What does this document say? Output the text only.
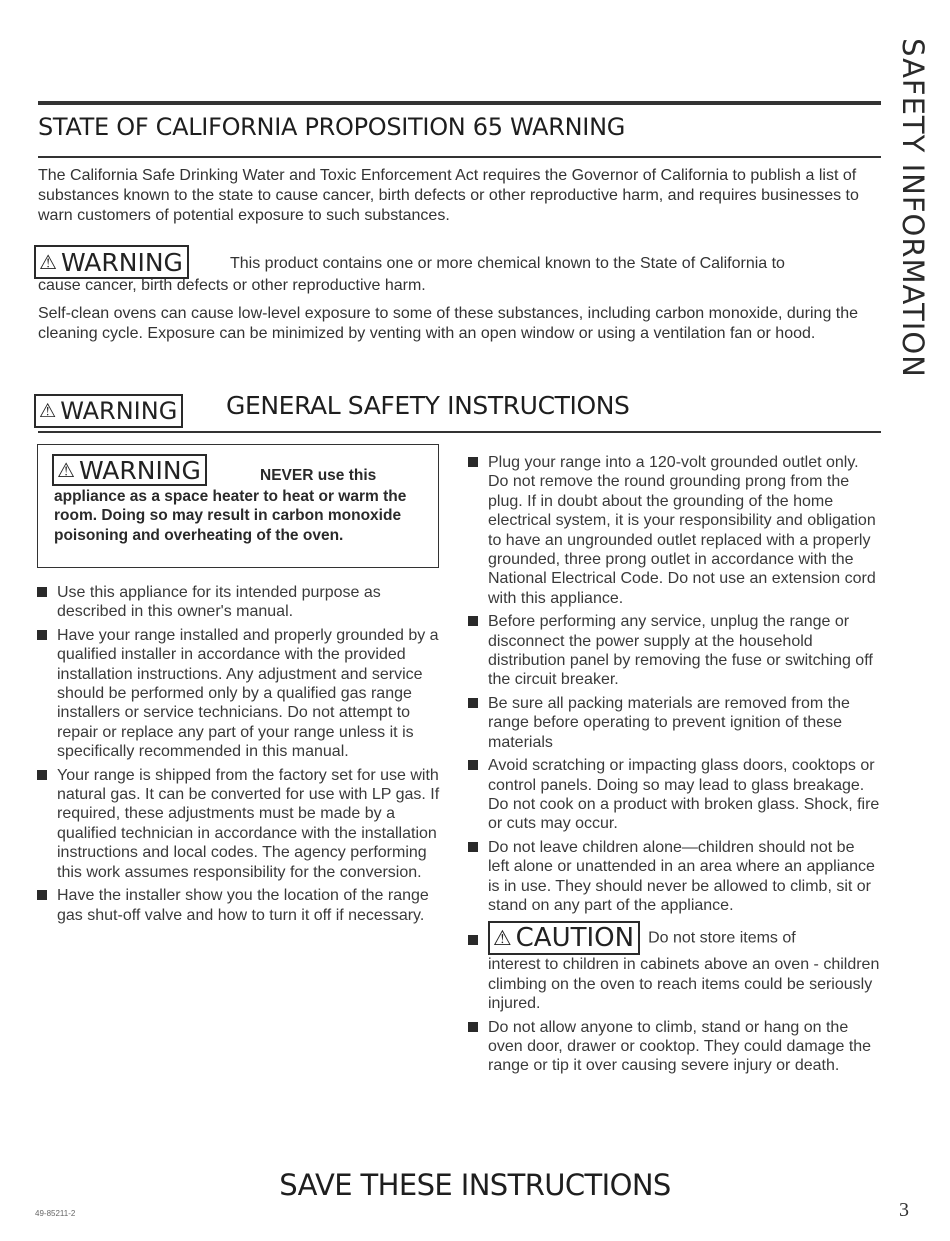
SAFETY INFORMATION
STATE OF CALIFORNIA PROPOSITION 65 WARNING

The California Safe Drinking Water and Toxic Enforcement Act requires the Governor of California to publish a list of substances known to the state to cause cancer, birth defects or other reproductive harm, and requires businesses to warn customers of potential exposure to such substances.

⚠ WARNING	This product contains one or more chemical known to the State of California to
cause cancer, birth defects or other reproductive harm.

Self-clean ovens can cause low-level exposure to some of these substances, including carbon monoxide, during the cleaning cycle. Exposure can be minimized by venting with an open window or using a ventilation fan or hood.

⚠ WARNING GENERAL SAFETY INSTRUCTIONS
⚠ WARNING	NEVER use this

appliance as a space heater to heat or warm the room. Doing so may result in carbon monoxide poisoning and overheating of the oven.

Use this appliance for its intended purpose as described in this owner's manual.
Have your range installed and properly grounded by a qualified installer in accordance with the provided installation instructions. Any adjustment and service should be performed only by a qualified gas range installers or service technicians. Do not attempt to repair or replace any part of your range unless it is specifically recommended in this manual.
Your range is shipped from the factory set for use with natural gas. It can be converted for use with LP gas. If required, these adjustments must be made by a qualified technician in accordance with the installation instructions and local codes. The agency performing this work assumes responsibility for the conversion.
Have the installer show you the location of the range gas shut-off valve and how to turn it off if necessary.
Plug your range into a 120-volt grounded outlet only. Do not remove the round grounding prong from the plug. If in doubt about the grounding of the home electrical system, it is your responsibility and obligation to have an ungrounded outlet replaced with a properly grounded, three prong outlet in accordance with the National Electrical Code. Do not use an extension cord with this appliance.
Before performing any service, unplug the range or disconnect the power supply at the household distribution panel by removing the fuse or switching off the circuit breaker.
Be sure all packing materials are removed from the range before operating to prevent ignition of these materials
Avoid scratching or impacting glass doors, cooktops or control panels. Doing so may lead to glass breakage. Do not cook on a product with broken glass. Shock, fire or cuts may occur.
Do not leave children alone—children should not be left alone or unattended in an area where an appliance is in use. They should never be allowed to climb, sit or stand on any part of the appliance.
⚠ CAUTION Do not store items of
interest to children in cabinets above an oven - children climbing on the oven to reach items could be seriously injured.
Do not allow anyone to climb, stand or hang on the oven door, drawer or cooktop. They could damage the range or tip it over causing severe injury or death.
SAVE THESE INSTRUCTIONS
49-85211-2	3
